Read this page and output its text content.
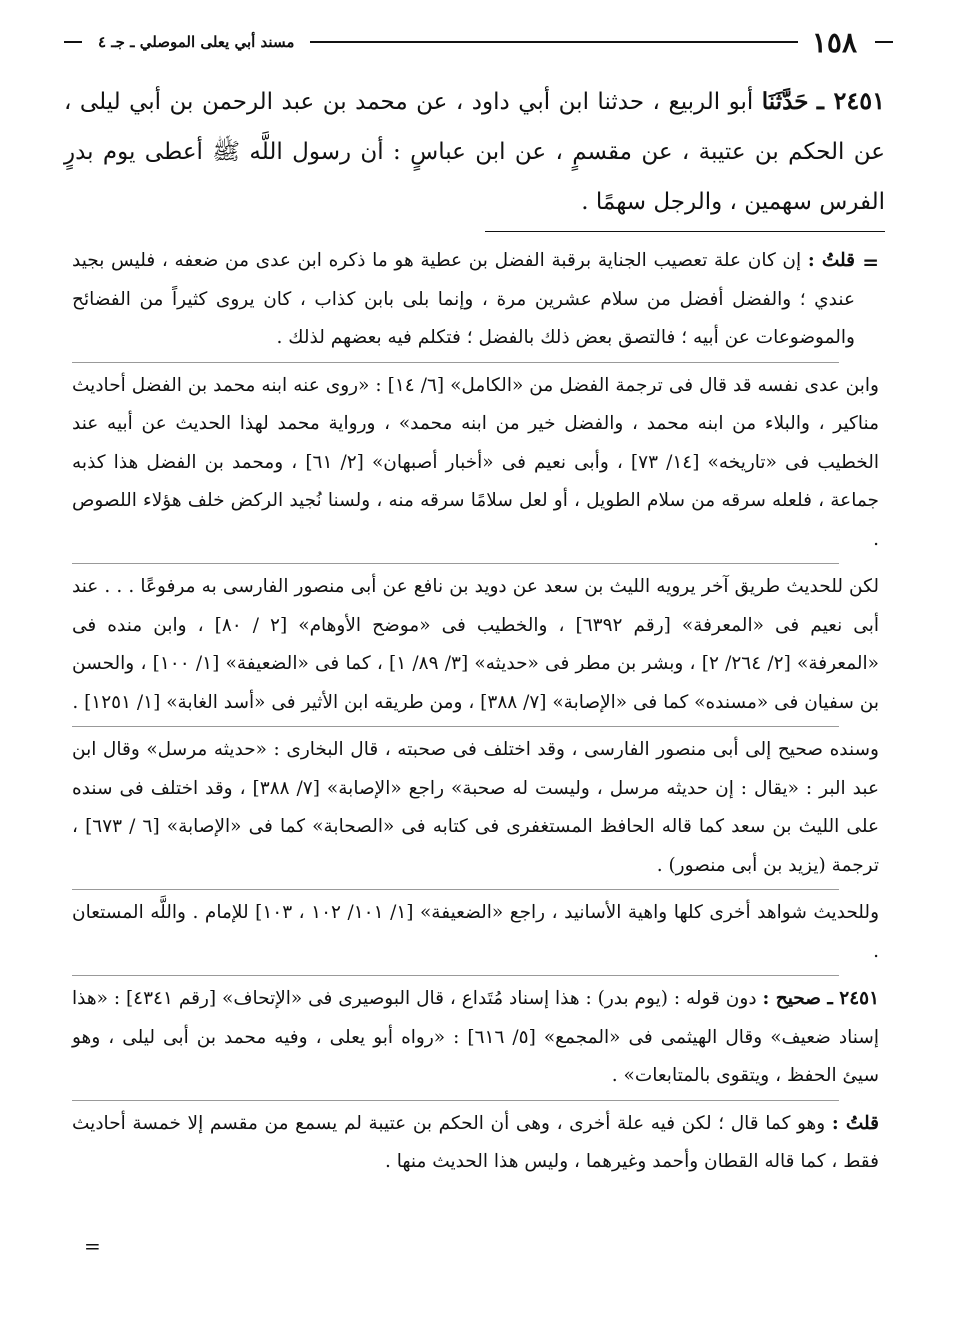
١٥٨
مسند أبي يعلى الموصلي ـ جـ ٤
٢٤٥١ ـ حَدَّثَنَا أبو الربيع ، حدثنا ابن أبي داود ، عن محمد بن عبد الرحمن بن أبي ليلى ، عن الحكم بن عتيبة ، عن مقسمٍ ، عن ابن عباسٍ : أن رسول اللَّه ﷺ أعطى يوم بدرٍ الفرس سهمين ، والرجل سهمًا .
=

قلتُ : إن كان علة تعصيب الجناية برقبة الفضل بن عطية هو ما ذكره ابن عدى من ضعفه ، فليس بجيد عندي ؛ والفضل أفضل من سلام عشرين مرة ، وإنما بلى بابن كذاب ، كان يروى كثيراً من الفضائح والموضوعات عن أبيه ؛ فالتصق بعض ذلك بالفضل ؛ فتكلم فيه بعضهم لذلك .

وابن عدى نفسه قد قال فى ترجمة الفضل من «الكامل» [٦/ ١٤] : «روى عنه ابنه محمد بن الفضل أحاديث مناكير ، والبلاء من ابنه محمد ، والفضل خير من ابنه محمد» ، ورواية محمد لهذا الحديث عن أبيه عند الخطيب فى «تاريخه» [١٤/ ٧٣] ، وأبى نعيم فى «أخبار أصبهان» [٢/ ٦١] ، ومحمد بن الفضل هذا كذبه جماعة ، فلعله سرقه من سلام الطويل ، أو لعل سلامًا سرقه منه ، ولسنا نُجيد الركض خلف هؤلاء اللصوص .

لكن للحديث طريق آخر يرويه الليث بن سعد عن دويد بن نافع عن أبى منصور الفارسى به مرفوعًا . . . عند أبى نعيم فى «المعرفة» [رقم ٦٣٩٢] ، والخطيب فى «موضح الأوهام» [٢ / ٨٠] ، وابن منده فى «المعرفة» [٢/ ٢٦٤/ ٢] ، وبشر بن مطر فى «حديثه» [٣/ ٨٩/ ١] ، كما فى «الضعيفة» [١/ ١٠٠] ، والحسن بن سفيان فى «مسنده» كما فى «الإصابة» [٧/ ٣٨٨] ، ومن طريقه ابن الأثير فى «أسد الغابة» [١/ ١٢٥١] .

وسنده صحيح إلى أبى منصور الفارسى ، وقد اختلف فى صحبته ، قال البخارى : «حديثه مرسل» وقال ابن عبد البر : «يقال : إن حديثه مرسل ، وليست له صحبة» راجع «الإصابة» [٧/ ٣٨٨] ، وقد اختلف فى سنده على الليث بن سعد كما قاله الحافظ المستغفرى فى كتابه فى «الصحابة» كما فى «الإصابة» [٦ / ٦٧٣] ، ترجمة (يزيد بن أبى منصور) .

وللحديث شواهد أخرى كلها واهية الأسانيد ، راجع «الضعيفة» [١/ ١٠١/ ١٠٢ ، ١٠٣] للإمام . واللَّه المستعان .

٢٤٥١ ـ صحيح : دون قوله : (يوم بدر) : هذا إسناد مُتَداع ، قال البوصيرى فى «الإتحاف» [رقم ٤٣٤١] : «هذا إسناد ضعيف» وقال الهيثمى فى «المجمع» [٥/ ٦١٦] : «رواه أبو يعلى ، وفيه محمد بن أبى ليلى ، وهو سيئ الحفظ ، ويتقوى بالمتابعات» .

قلتُ : وهو كما قال ؛ لكن فيه علة أخرى ، وهى أن الحكم بن عتيبة لم يسمع من مقسم إلا خمسة أحاديث فقط ، كما قاله القطان وأحمد وغيرهما ، وليس هذا الحديث منها .

=
